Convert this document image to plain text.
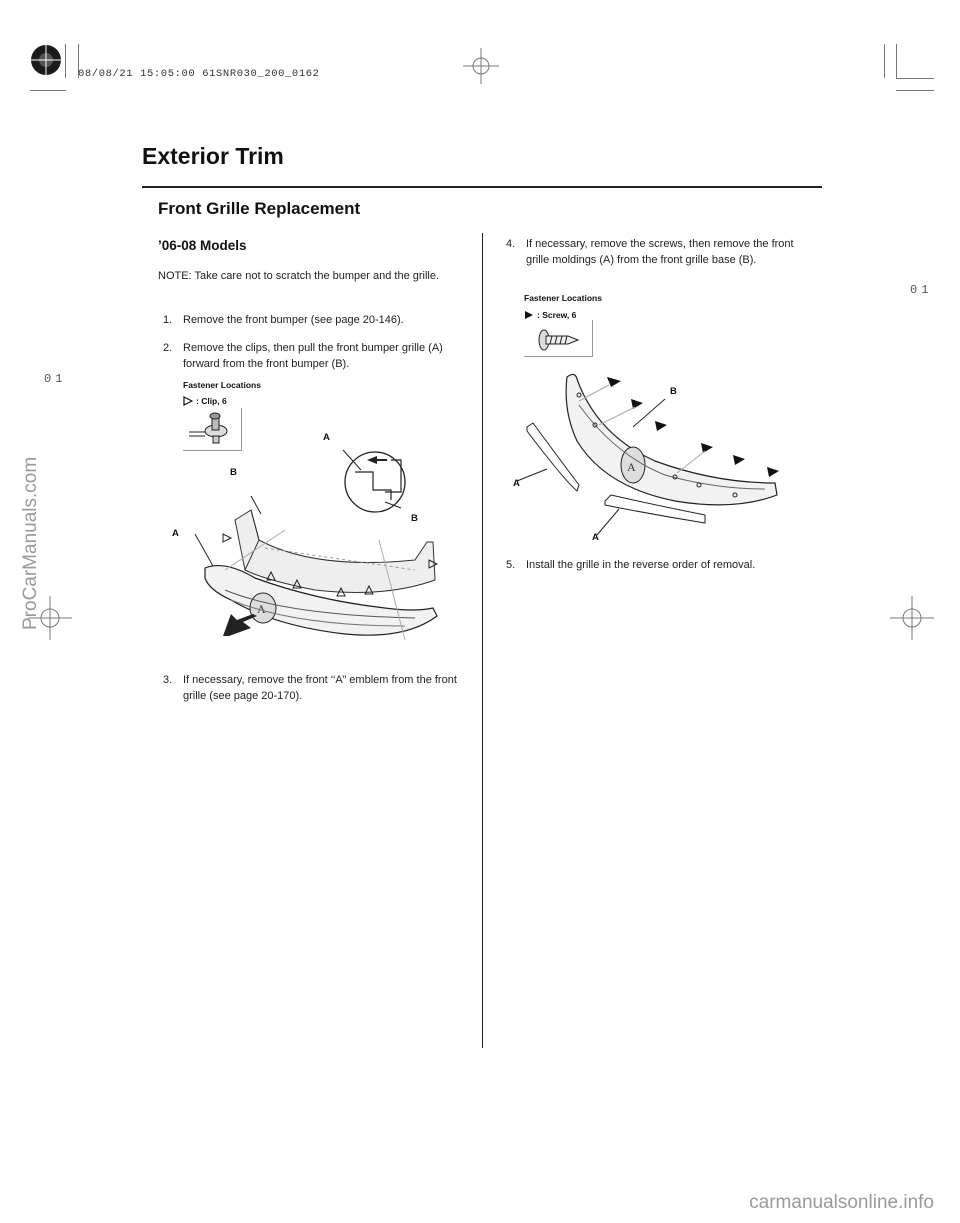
08/08/21 15:05:00 61SNR030_200_0162
01
01
ProCarManuals.com
carmanualsonline.info
Exterior Trim
Front Grille Replacement
’06-08 Models
NOTE: Take care not to scratch the bumper and the grille.
1. Remove the front bumper (see page 20-146).
2. Remove the clips, then pull the front bumper grille (A) forward from the front bumper (B).
Fastener Locations
: Clip, 6
A
A
B
B
A
3. If necessary, remove the front ‘‘A’’ emblem from the front grille (see page 20-170).
4. If necessary, remove the screws, then remove the front grille moldings (A) from the front grille base (B).
Fastener Locations
: Screw, 6
A
B
A
A
5. Install the grille in the reverse order of removal.
